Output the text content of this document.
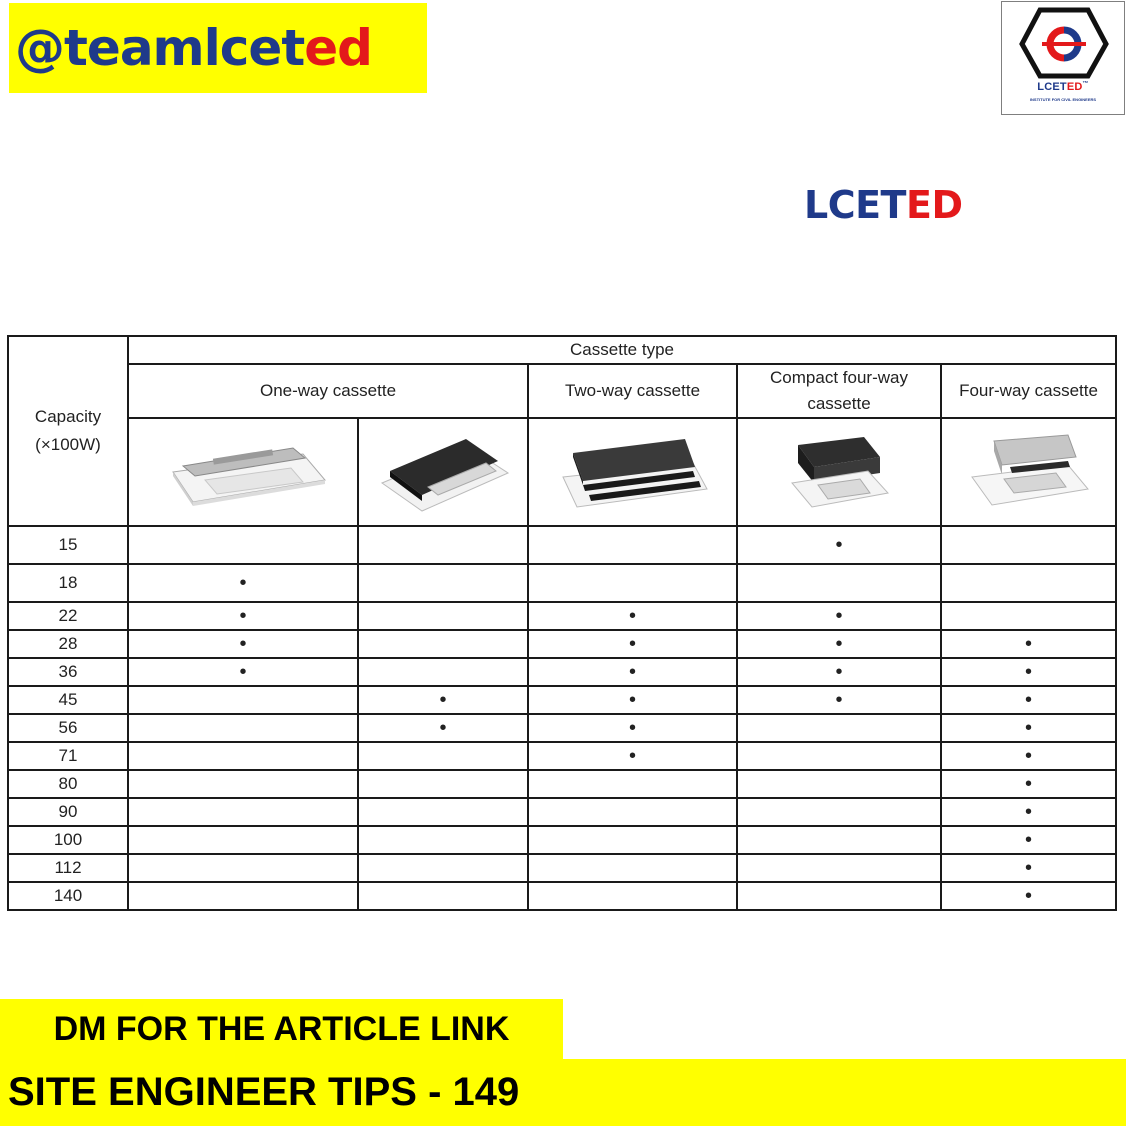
@teamlcet ed
LCETED™
INSTITUTE FOR CIVIL ENGINEERS
LCETED
Capacity
(×100W)	Cassette type				
	One-way cassette		Two-way cassette	Compact four-way cassette	Four-way cassette

15				•	
18	•				
22	•		•	•	
28	•		•	•	•
36	•		•	•	•
45		•	•	•	•
56		•	•		•
71			•		•
80					•
90					•
100					•
112					•
140					•
DM FOR THE ARTICLE LINK
SITE ENGINEER TIPS - 149
